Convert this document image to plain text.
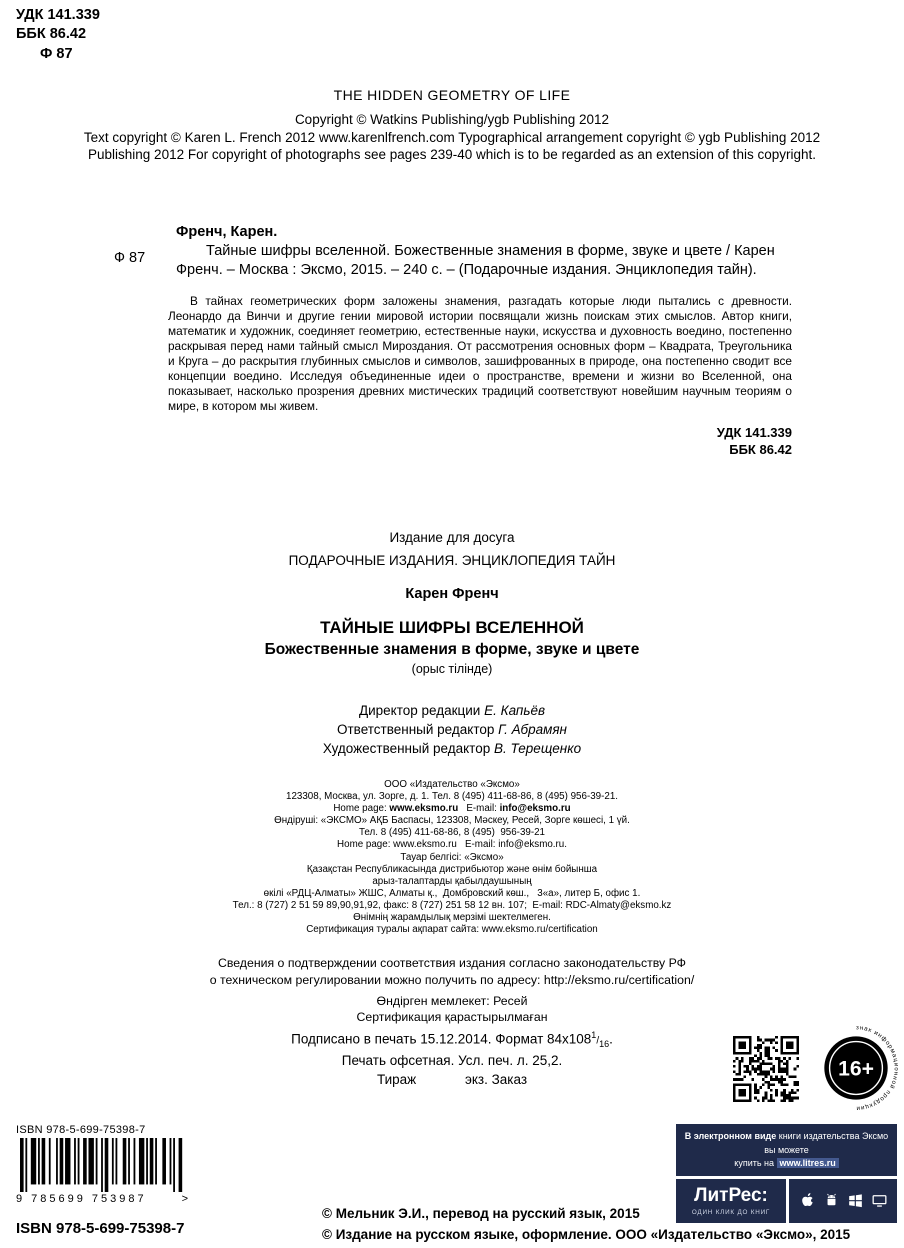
УДК 141.339
ББК 86.42
Ф 87
THE HIDDEN GEOMETRY OF LIFE
Copyright © Watkins Publishing/ygb Publishing 2012
Text copyright © Karen L. French 2012 www.karenlfrench.com Typographical arrangement copyright © ygb Publishing 2012 Publishing 2012 For copyright of photographs see pages 239-40 which is to be regarded as an extension of this copyright.
Ф 87
Френч, Карен.
Тайные шифры вселенной. Божественные знамения в форме, звуке и цвете / Карен Френч. – Москва : Эксмо, 2015. – 240 с. – (Подарочные издания. Энциклопедия тайн).
В тайнах геометрических форм заложены знамения, разгадать которые люди пытались с древности. Леонардо да Винчи и другие гении мировой истории посвящали жизнь поискам этих смыслов. Автор книги, математик и художник, соединяет геометрию, естественные науки, искусства и духовность воедино, постепенно раскрывая перед нами тайный смысл Мироздания. От рассмотрения основных форм – Квадрата, Треугольника и Круга – до раскрытия глубинных смыслов и символов, зашифрованных в природе, она постепенно сводит все концепции воедино. Исследуя объединенные идеи о пространстве, времени и жизни во Вселенной, она показывает, насколько прозрения древних мистических традиций соответствуют новейшим научным теориям о мире, в котором мы живем.
УДК 141.339
ББК 86.42
Издание для досуга
ПОДАРОЧНЫЕ ИЗДАНИЯ. ЭНЦИКЛОПЕДИЯ ТАЙН
Карен Френч
ТАЙНЫЕ ШИФРЫ ВСЕЛЕННОЙ
Божественные знамения в форме, звуке и цвете
(орыс тілінде)
Директор редакции Е. Капьёв
Ответственный редактор Г. Абрамян
Художественный редактор В. Терещенко
ООО «Издательство «Эксмо»
123308, Москва, ул. Зорге, д. 1. Тел. 8 (495) 411-68-86, 8 (495) 956-39-21.
Home page: www.eksmo.ru   E-mail: info@eksmo.ru
Өндіруші: «ЭКСМО» АҚБ Баспасы, 123308, Мәскеу, Ресей, Зорге көшесі, 1 үй.
Тел. 8 (495) 411-68-86, 8 (495)  956-39-21
Home page: www.eksmo.ru   E-mail: info@eksmo.ru.
Тауар белгісі: «Эксмо»
Қазақстан Республикасында дистрибьютор және өнім бойынша
арыз-талаптарды қабылдаушының
өкілі «РДЦ-Алматы» ЖШС, Алматы қ.,  Домбровский көш.,   3«а», литер Б, офис 1.
Тел.: 8 (727) 2 51 59 89,90,91,92, факс: 8 (727) 251 58 12 вн. 107;  E-mail: RDC-Almaty@eksmo.kz
Өнімнің жарамдылық мерзімі шектелмеген.
Сертификация туралы ақпарат сайта: www.eksmo.ru/certification
Сведения о подтверждении соответствия издания согласно законодательству РФ
о техническом регулировании можно получить по адресу: http://eksmo.ru/certification/
Өндірген мемлекет: Ресей
Сертификация қарастырылмаған
Подписано в печать 15.12.2014. Формат $84x108^1/_{16}$.
Печать офсетная. Усл. печ. л. 25,2.
Тираж             экз. Заказ	16+
знак информационной продукции
ISBN 978-5-699-75398-7
9 785699 753987	>
В электронном виде книги издательства Эксмо вы можете
купить на www.litres.ru
ЛитРес:
ОДИН КЛИК ДО КНИГ
ISBN 978-5-699-75398-7
© Мельник Э.И., перевод на русский язык, 2015
© Издание на русском языке, оформление. ООО «Издательство «Эксмо», 2015
